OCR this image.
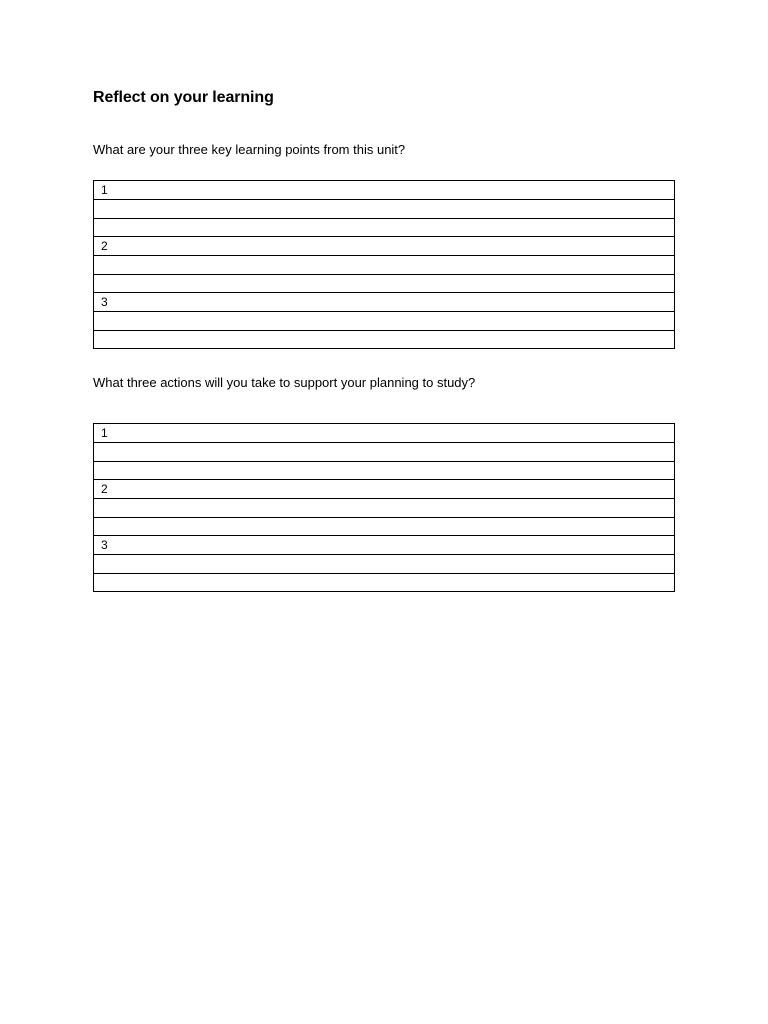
Reflect on your learning

What are your three key learning points from this unit?

1

2

3

What three actions will you take to support your planning to study?

1

2

3
